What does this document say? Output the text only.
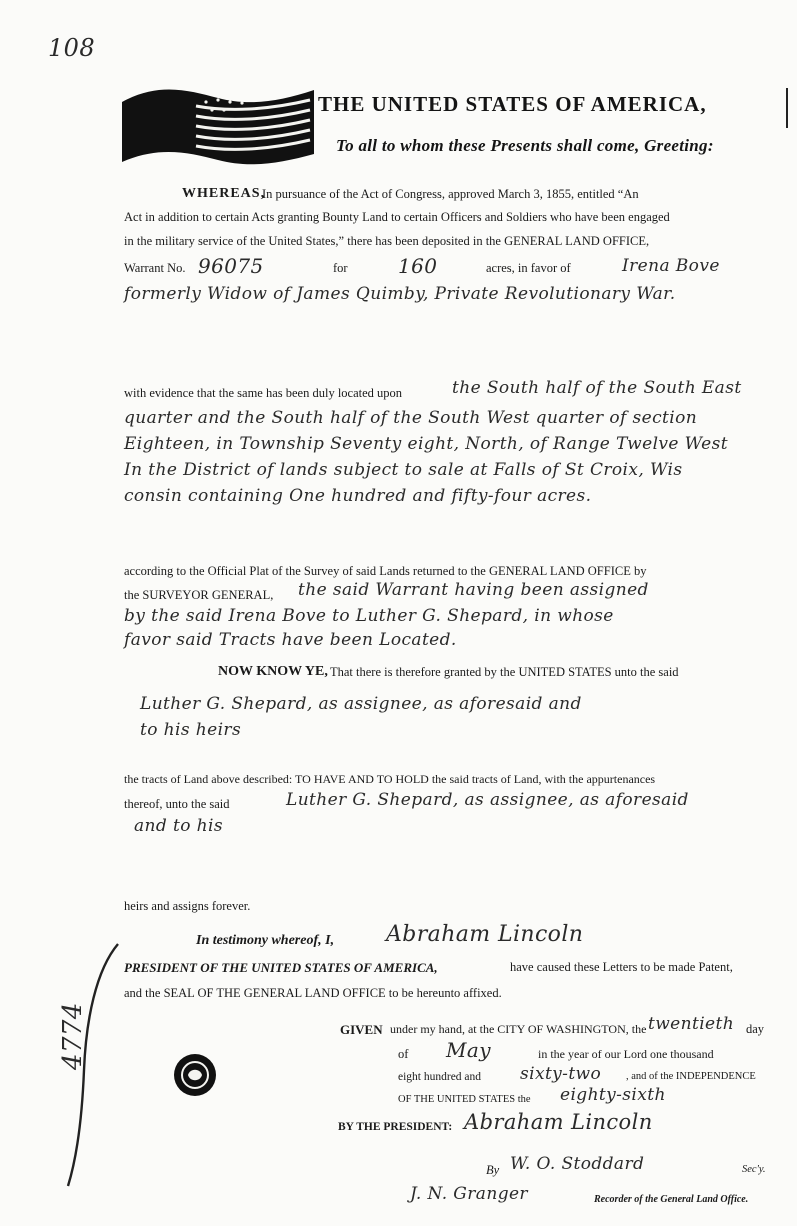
108
THE UNITED STATES OF AMERICA,
To all to whom these Presents shall come, Greeting:
WHEREAS,
In pursuance of the Act of Congress, approved March 3, 1855, entitled “An
Act in addition to certain Acts granting Bounty Land to certain Officers and Soldiers who have been engaged
in the military service of the United States,” there has been deposited in the GENERAL LAND OFFICE,
Warrant No. 96075	for	160	acres, in favor of	Irena Bove
formerly Widow of James Quimby, Private Revolutionary War.
with evidence that the same has been duly located upon	the South half of the South East
quarter and the South half of the South West quarter of section
Eighteen, in Township Seventy eight, North, of Range Twelve West
In the District of lands subject to sale at Falls of St Croix, Wis
consin containing One hundred and fifty-four acres.
according to the Official Plat of the Survey of said Lands returned to the GENERAL LAND OFFICE by
the SURVEYOR GENERAL, the said Warrant having been assigned
by the said Irena Bove to Luther G. Shepard, in whose
favor said Tracts have been Located.
NOW KNOW YE, That there is therefore granted by the UNITED STATES unto the said
Luther G. Shepard, as assignee, as aforesaid and
to his heirs
the tracts of Land above described: TO HAVE AND TO HOLD the said tracts of Land, with the appurtenances
thereof, unto the said	Luther G. Shepard, as assignee, as aforesaid
and to his
heirs and assigns forever.
In testimony whereof, I, Abraham Lincoln
PRESIDENT OF THE UNITED STATES OF AMERICA,	have caused these Letters to be made Patent,
and the SEAL OF THE GENERAL LAND OFFICE to be hereunto affixed.
4774	GIVEN under my hand, at the CITY OF WASHINGTON, the twentieth day
of May	in the year of our Lord one thousand
eight hundred and sixty-two , and of the INDEPENDENCE
OF THE UNITED STATES the eighty-sixth
BY THE PRESIDENT: Abraham Lincoln
By W. O. Stoddard	Sec'y.
J. N. Granger	Recorder of the General Land Office.
